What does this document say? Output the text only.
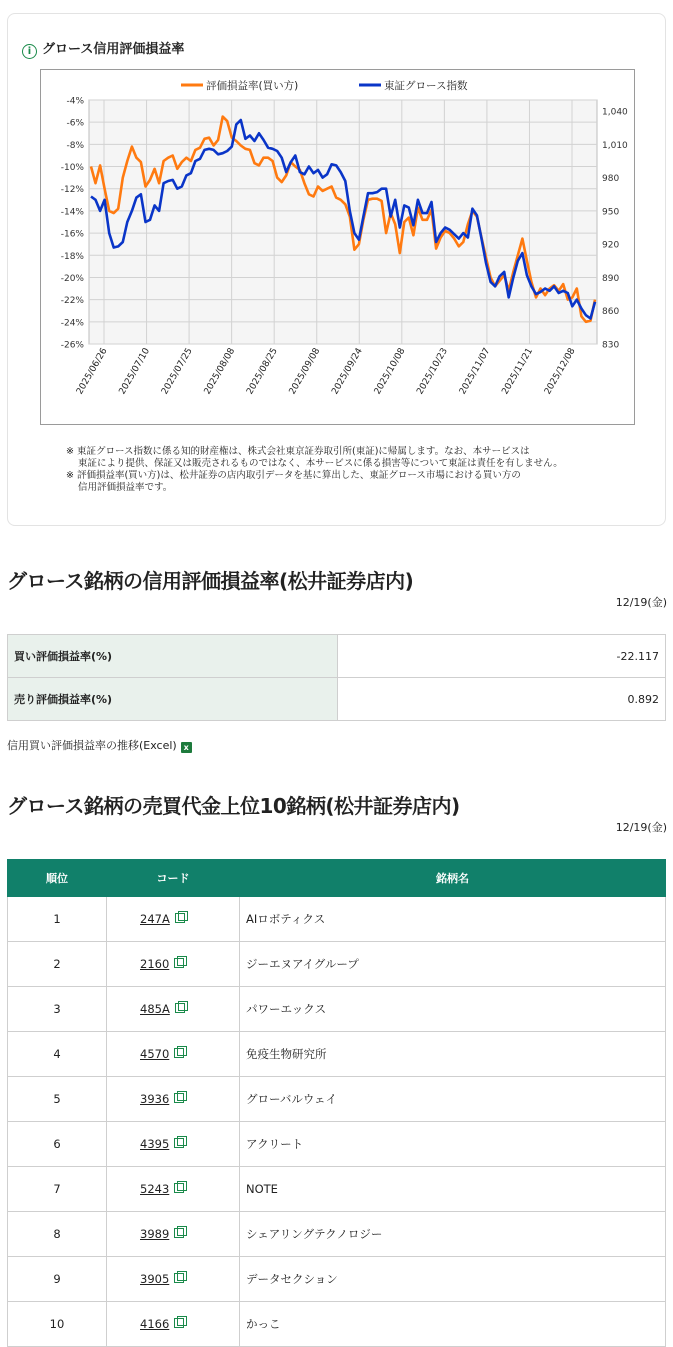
i グロース信用評価損益率
-4%
-6%
-8%
-10%
-12%
-14%
-16%
-18%
-20%
-22%
-24%
-26%
1,040
1,010
980
950
920
890
860
830
2025/06/26 2025/07/10 2025/07/25 2025/08/08 2025/08/25 2025/09/08 2025/09/24 2025/10/08 2025/10/23 2025/11/07 2025/11/21 2025/12/08
評価損益率(買い方)	東証グロース指数
※ 東証グロース指数に係る知的財産権は、株式会社東京証券取引所(東証)に帰属します。なお、本サービスは
東証により提供、保証又は販売されるものではなく、本サービスに係る損害等について東証は責任を有しません。
※ 評価損益率(買い方)は、松井証券の店内取引データを基に算出した、東証グロース市場における買い方の
信用評価損益率です。
グロース銘柄の信用評価損益率(松井証券店内)
12/19(金)
買い評価損益率(%)	-22.117
売り評価損益率(%)	0.892
信用買い評価損益率の推移(Excel) x
グロース銘柄の売買代金上位10銘柄(松井証券店内)
12/19(金)
順位	コード	銘柄名
1	247A	AIロボティクス
2	2160	ジーエヌアイグループ
3	485A	パワーエックス
4	4570	免疫生物研究所
5	3936	グローバルウェイ
6	4395	アクリート
7	5243	NOTE
8	3989	シェアリングテクノロジー
9	3905	データセクション
10	4166	かっこ
